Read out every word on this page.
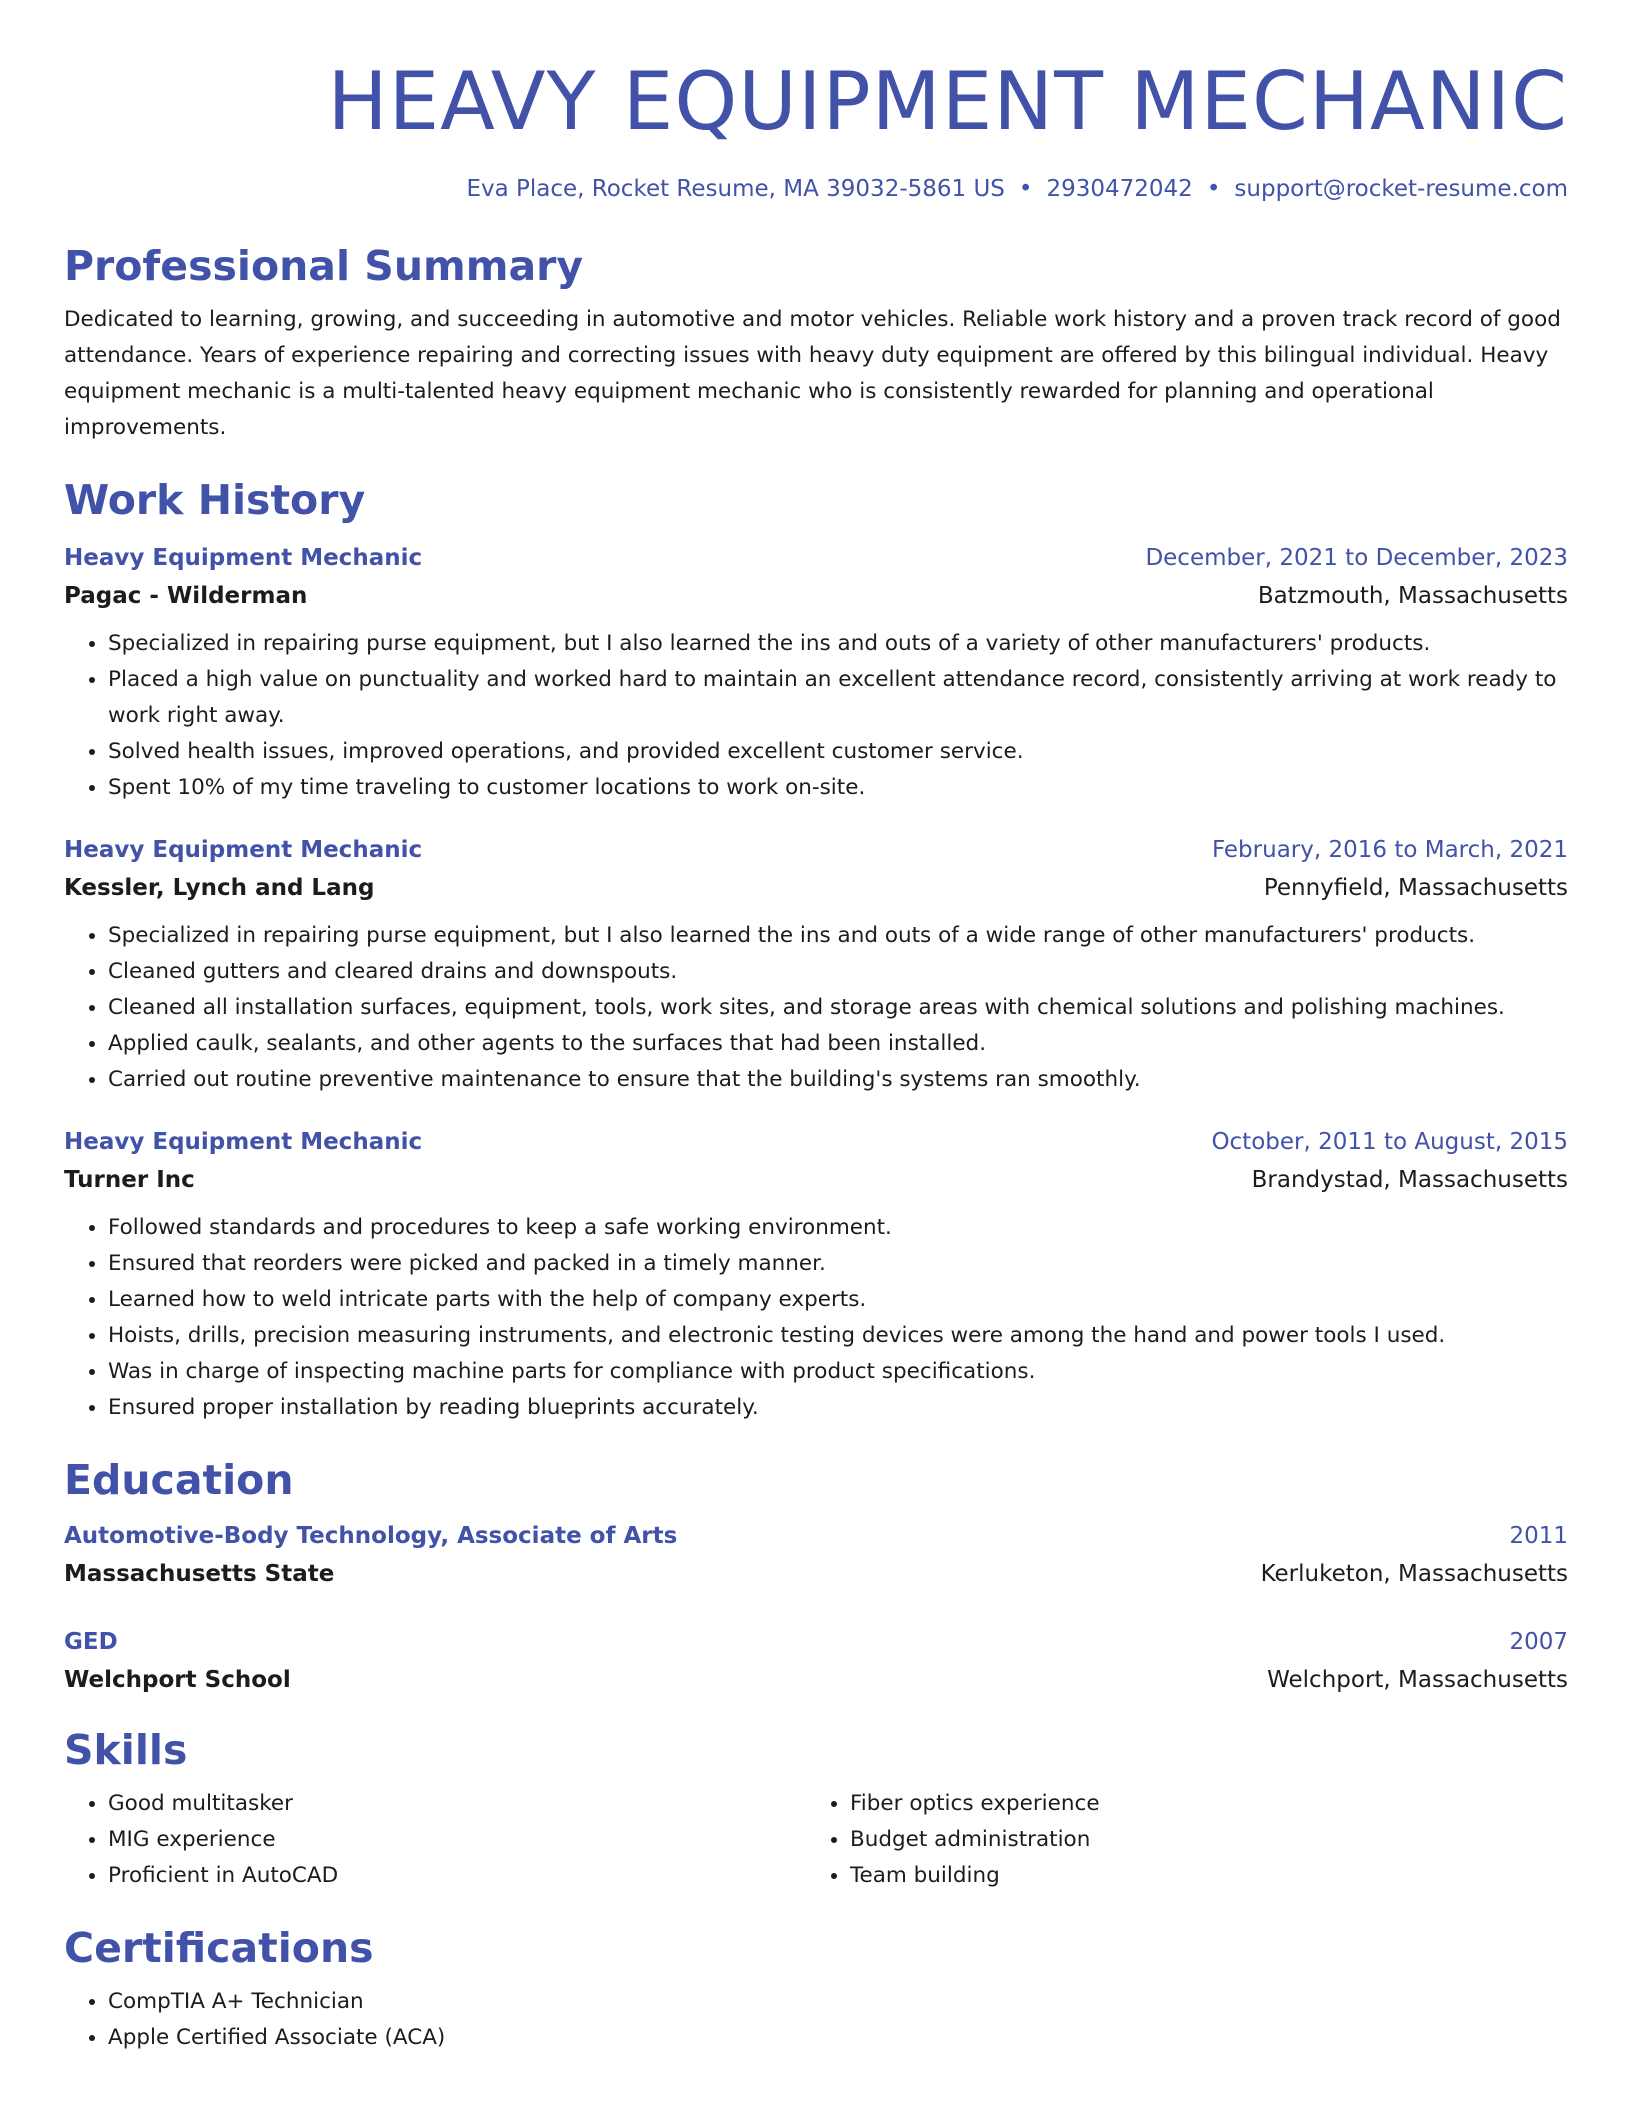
HEAVY EQUIPMENT MECHANIC
Eva Place, Rocket Resume, MA 39032-5861 US • 2930472042 • support@rocket-resume.com
Professional Summary
Dedicated to learning, growing, and succeeding in automotive and motor vehicles. Reliable work history and a proven track record of good attendance. Years of experience repairing and correcting issues with heavy duty equipment are offered by this bilingual individual. Heavy equipment mechanic is a multi-talented heavy equipment mechanic who is consistently rewarded for planning and operational improvements.
Work History
Heavy Equipment Mechanic	December, 2021 to December, 2023
Pagac - Wilderman	Batzmouth, Massachusetts
• Specialized in repairing purse equipment, but I also learned the ins and outs of a variety of other manufacturers' products.
• Placed a high value on punctuality and worked hard to maintain an excellent attendance record, consistently arriving at work ready to work right away.
• Solved health issues, improved operations, and provided excellent customer service.
• Spent 10% of my time traveling to customer locations to work on-site.
Heavy Equipment Mechanic	February, 2016 to March, 2021
Kessler, Lynch and Lang	Pennyfield, Massachusetts
• Specialized in repairing purse equipment, but I also learned the ins and outs of a wide range of other manufacturers' products.
• Cleaned gutters and cleared drains and downspouts.
• Cleaned all installation surfaces, equipment, tools, work sites, and storage areas with chemical solutions and polishing machines.
• Applied caulk, sealants, and other agents to the surfaces that had been installed.
• Carried out routine preventive maintenance to ensure that the building's systems ran smoothly.
Heavy Equipment Mechanic	October, 2011 to August, 2015
Turner Inc	Brandystad, Massachusetts
• Followed standards and procedures to keep a safe working environment.
• Ensured that reorders were picked and packed in a timely manner.
• Learned how to weld intricate parts with the help of company experts.
• Hoists, drills, precision measuring instruments, and electronic testing devices were among the hand and power tools I used.
• Was in charge of inspecting machine parts for compliance with product specifications.
• Ensured proper installation by reading blueprints accurately.
Education
Automotive-Body Technology, Associate of Arts	2011
Massachusetts State	Kerluketon, Massachusetts
GED	2007
Welchport School	Welchport, Massachusetts
Skills
• Good multitasker
• MIG experience
• Proficient in AutoCAD
• Fiber optics experience
• Budget administration
• Team building
Certifications
• CompTIA A+ Technician
• Apple Certified Associate (ACA)
